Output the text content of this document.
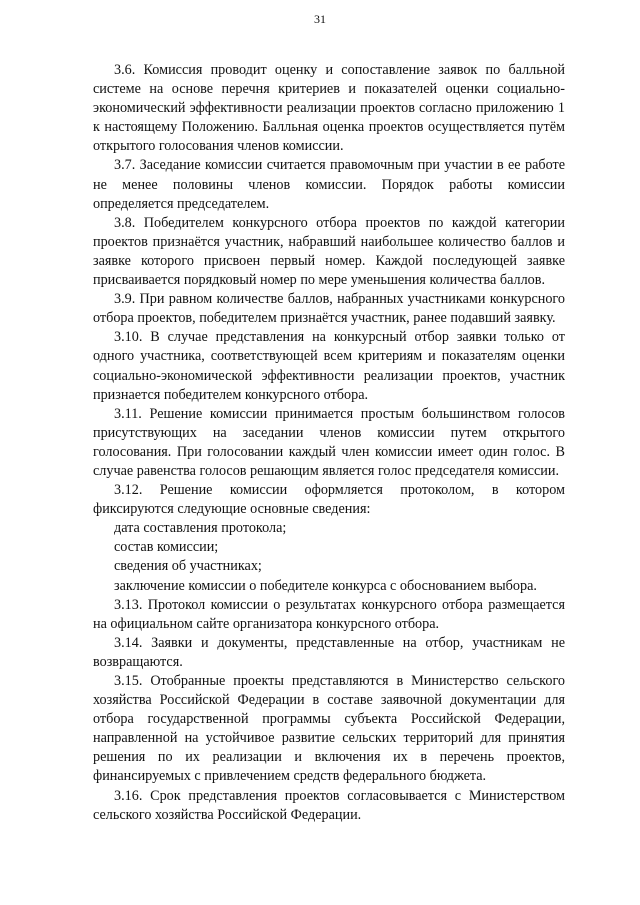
31

3.6. Комиссия проводит оценку и сопоставление заявок по балльной системе на основе перечня критериев и показателей оценки социально-экономический эффективности реализации проектов согласно приложению 1 к настоящему Положению. Балльная оценка проектов осуществляется путём открытого голосования членов комиссии.

3.7. Заседание комиссии считается правомочным при участии в ее работе не менее половины членов комиссии. Порядок работы комиссии определяется председателем.

3.8. Победителем конкурсного отбора проектов по каждой категории проектов признаётся участник, набравший наибольшее количество баллов и заявке которого присвоен первый номер. Каждой последующей заявке присваивается порядковый номер по мере уменьшения количества баллов.

3.9. При равном количестве баллов, набранных участниками конкурсного отбора проектов, победителем признаётся участник, ранее подавший заявку.

3.10. В случае представления на конкурсный отбор заявки только от одного участника, соответствующей всем критериям и показателям оценки социально-экономической эффективности реализации проектов, участник признается победителем конкурсного отбора.

3.11. Решение комиссии принимается простым большинством голосов присутствующих на заседании членов комиссии путем открытого голосования. При голосовании каждый член комиссии имеет один голос. В случае равенства голосов решающим является голос председателя комиссии.

3.12. Решение комиссии оформляется протоколом, в котором фиксируются следующие основные сведения:

дата составления протокола;

состав комиссии;

сведения об участниках;

заключение комиссии о победителе конкурса с обоснованием выбора.

3.13. Протокол комиссии о результатах конкурсного отбора размещается на официальном сайте организатора конкурсного отбора.

3.14. Заявки и документы, представленные на отбор, участникам не возвращаются.

3.15. Отобранные проекты представляются в Министерство сельского хозяйства Российской Федерации в составе заявочной документации для отбора государственной программы субъекта Российской Федерации, направленной на устойчивое развитие сельских территорий для принятия решения по их реализации и включения их в перечень проектов, финансируемых с привлечением средств федерального бюджета.

3.16. Срок представления проектов согласовывается с Министерством сельского хозяйства Российской Федерации.
